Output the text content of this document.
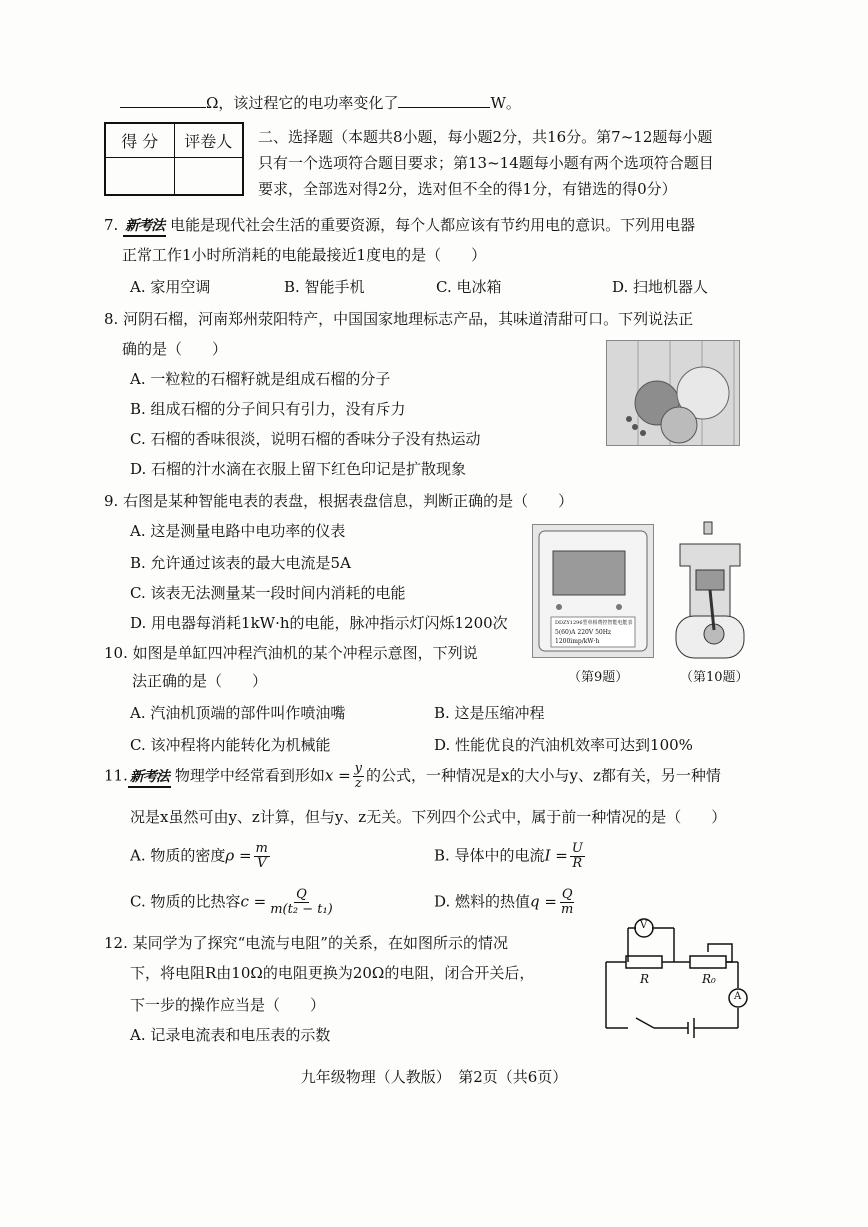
Ω，该过程它的电功率变化了	W。
得 分	评卷人
	二、选择题（本题共8小题，每小题2分，共16分。第7~12题每小题
只有一个选项符合题目要求；第13~14题每小题有两个选项符合题目
要求，全部选对得2分，选对但不全的得1分，有错选的得0分）
7. 新考法 电能是现代社会生活的重要资源，每个人都应该有节约用电的意识。下列用电器
正常工作1小时所消耗的电能最接近1度电的是（　　）
A. 家用空调	B. 智能手机	C. 电冰箱	D. 扫地机器人
8. 河阴石榴，河南郑州荥阳特产，中国国家地理标志产品，其味道清甜可口。下列说法正
确的是（　　）
A. 一粒粒的石榴籽就是组成石榴的分子
B. 组成石榴的分子间只有引力，没有斥力
C. 石榴的香味很淡，说明石榴的香味分子没有热运动
D. 石榴的汁水滴在衣服上留下红色印记是扩散现象
9. 右图是某种智能电表的表盘，根据表盘信息，判断正确的是（　　）
A. 这是测量电路中电功率的仪表
B. 允许通过该表的最大电流是5A
C. 该表无法测量某一段时间内消耗的电能
D. 用电器每消耗1kW·h的电能，脉冲指示灯闪烁1200次	DDZY1296型单相费控智能电能表
5(60)A 220V 50Hz
1200imp/kW·h
（第9题）	（第10题）
10. 如图是单缸四冲程汽油机的某个冲程示意图，下列说
法正确的是（　　）
A. 汽油机顶端的部件叫作喷油嘴	B. 这是压缩冲程
C. 该冲程将内能转化为机械能	D. 性能优良的汽油机效率可达到100%
11. 新考法 物理学中经常看到形如$x = \frac{y}{z}$ 的公式，一种情况是x的大小与y、z都有关，另一种情
况是x虽然可由y、z计算，但与y、z无关。下列四个公式中，属于前一种情况的是（　　）
A. 物质的密度$\rho = \frac{m}{V}$	B. 导体中的电流$I = \frac{U}{R}$
C. 物质的比热容$c = \frac{Q}{\text{m(t₂ − t₁)}}$	D. 燃料的热值$q = \frac{Q}{m}$
12. 某同学为了探究“电流与电阻”的关系，在如图所示的情况
下，将电阻R由10Ω的电阻更换为20Ω的电阻，闭合开关后，
下一步的操作应当是（　　）
A. 记录电流表和电压表的示数
V
A
R	R₀
九年级物理（人教版）　第2页（共6页）
